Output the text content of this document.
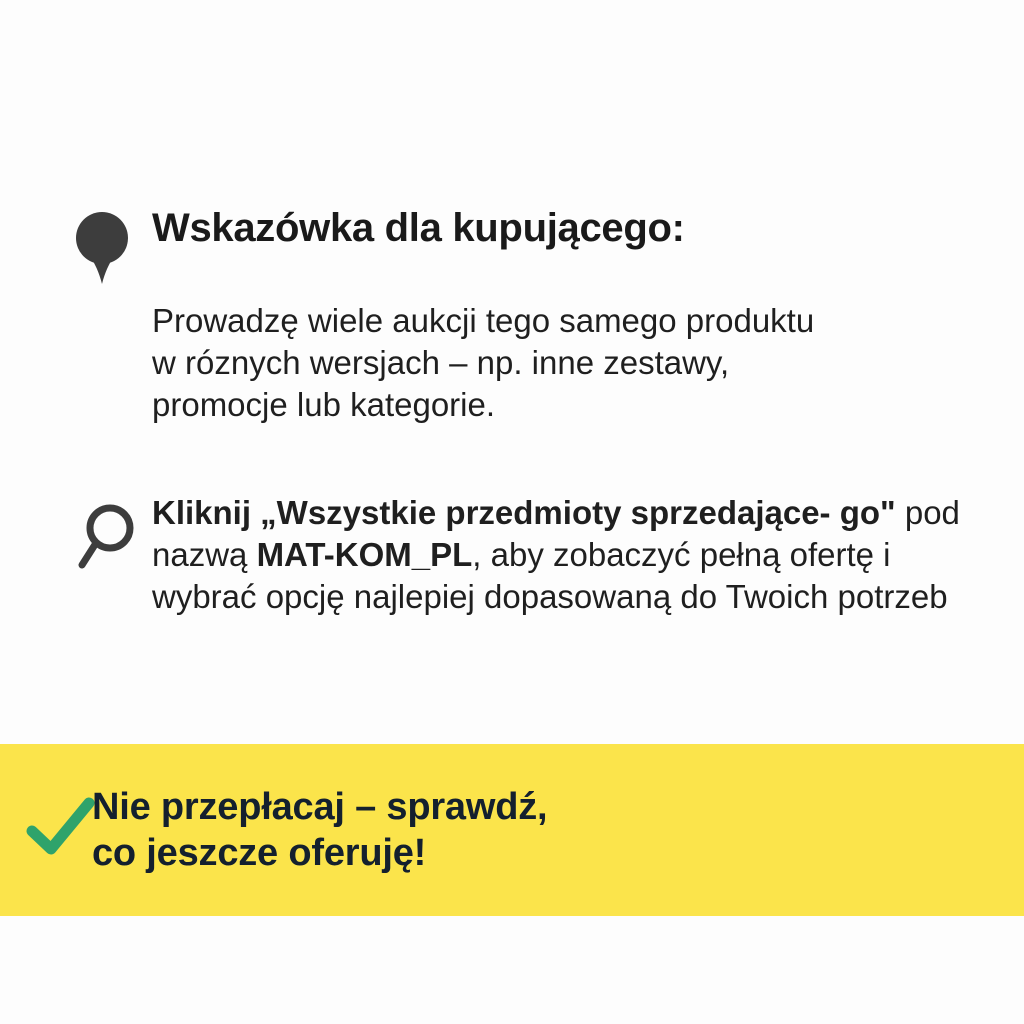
Wskazówka dla kupującego:

Prowadzę wiele aukcji tego samego produktu

w róznych wersjach – np. inne zestawy,

promocje lub kategorie.

Kliknij „Wszystkie przedmioty sprzedające- go" pod nazwą MAT-KOM_PL, aby zobaczyć pełną ofertę i wybrać opcję najlepiej dopasowaną do Twoich potrzeb

Nie przepłacaj – sprawdź,
co jeszcze oferuję!
